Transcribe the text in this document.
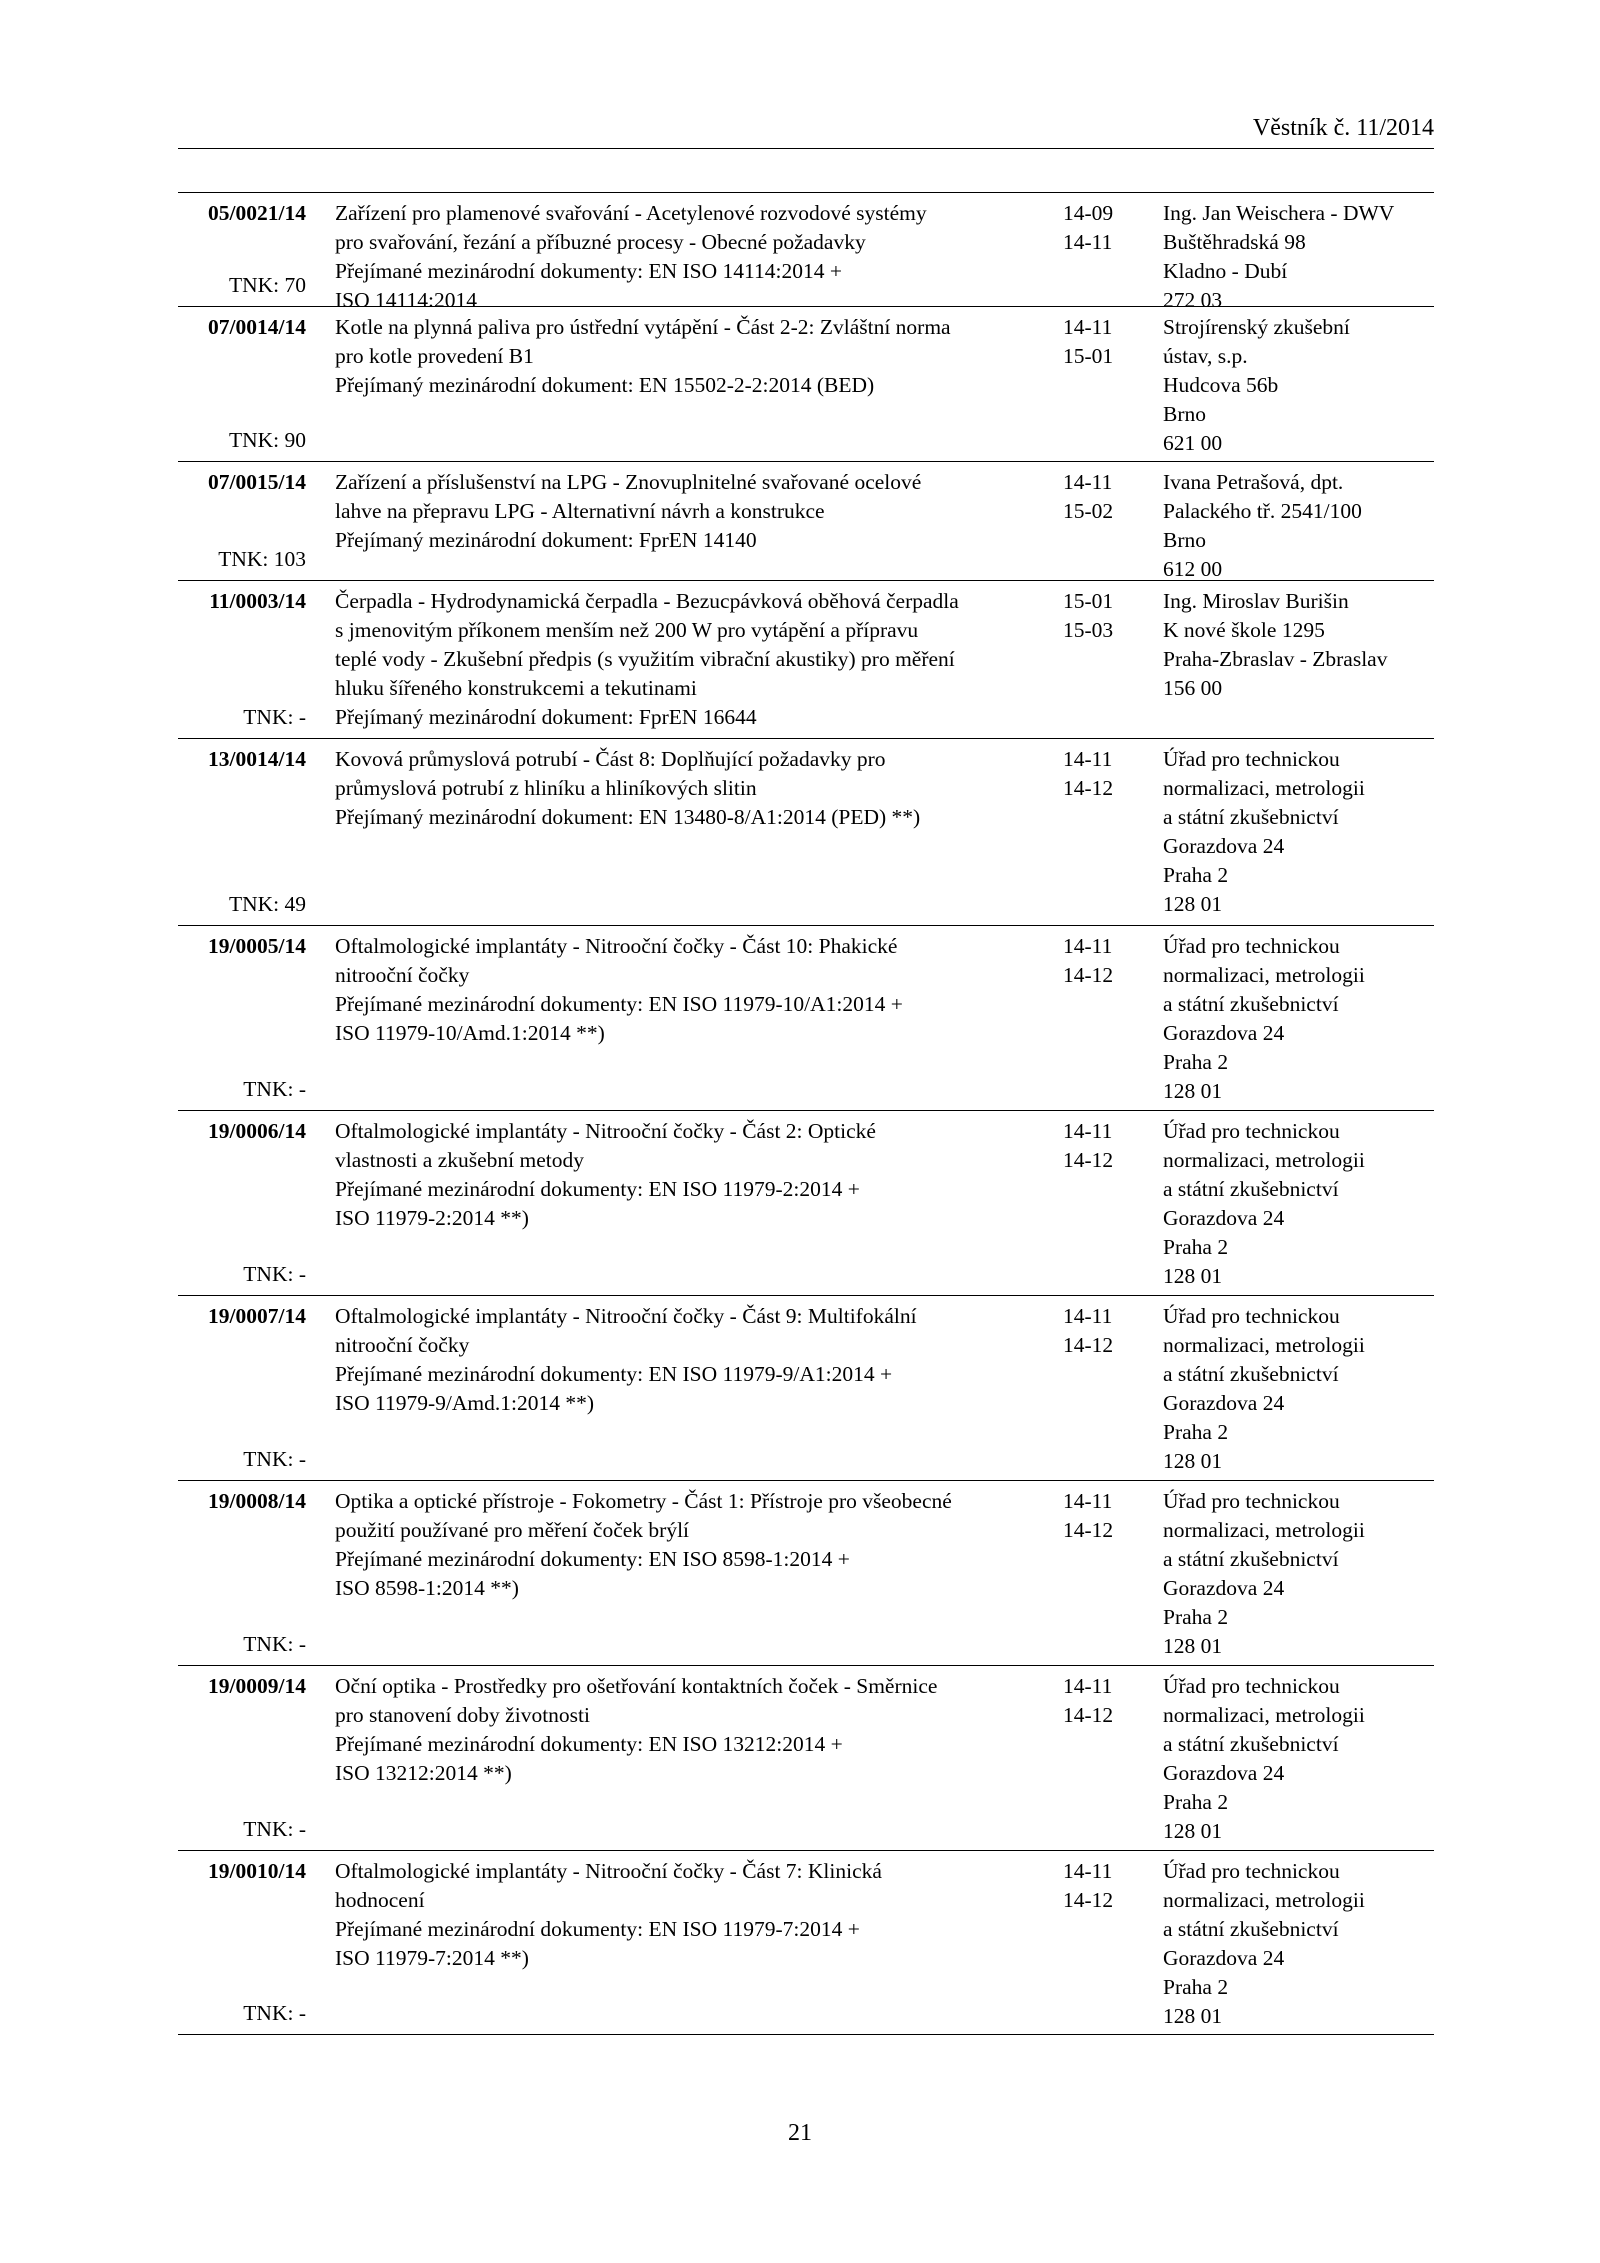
Věstník č. 11/2014
05/0021/14
TNK: 70
Zařízení pro plamenové svařování - Acetylenové rozvodové systémy
pro svařování, řezání a příbuzné procesy - Obecné požadavky
Přejímané mezinárodní dokumenty: EN ISO 14114:2014 +
ISO 14114:2014
14-09
14-11
Ing. Jan Weischera - DWV
Buštěhradská 98
Kladno - Dubí
272 03
07/0014/14
TNK: 90
Kotle na plynná paliva pro ústřední vytápění - Část 2-2: Zvláštní norma
pro kotle provedení B1
Přejímaný mezinárodní dokument: EN 15502-2-2:2014 (BED)
14-11
15-01
Strojírenský zkušební
ústav, s.p.
Hudcova 56b
Brno
621 00
07/0015/14
TNK: 103
Zařízení a příslušenství na LPG - Znovuplnitelné svařované ocelové
lahve na přepravu LPG - Alternativní návrh a konstrukce
Přejímaný mezinárodní dokument: FprEN 14140
14-11
15-02
Ivana Petrašová, dpt.
Palackého tř. 2541/100
Brno
612 00
11/0003/14
TNK: -
Čerpadla - Hydrodynamická čerpadla - Bezucpávková oběhová čerpadla
s jmenovitým příkonem menším než 200 W pro vytápění a přípravu
teplé vody - Zkušební předpis (s využitím vibrační akustiky) pro měření
hluku šířeného konstrukcemi a tekutinami
Přejímaný mezinárodní dokument: FprEN 16644
15-01
15-03
Ing. Miroslav Burišin
K nové škole 1295
Praha-Zbraslav - Zbraslav
156 00
13/0014/14
TNK: 49
Kovová průmyslová potrubí - Část 8: Doplňující požadavky pro
průmyslová potrubí z hliníku a hliníkových slitin
Přejímaný mezinárodní dokument: EN 13480-8/A1:2014 (PED) **)
14-11
14-12
Úřad pro technickou
normalizaci, metrologii
a státní zkušebnictví
Gorazdova 24
Praha 2
128 01
19/0005/14
TNK: -
Oftalmologické implantáty - Nitrooční čočky - Část 10: Phakické
nitrooční čočky
Přejímané mezinárodní dokumenty: EN ISO 11979-10/A1:2014 +
ISO 11979-10/Amd.1:2014 **)
14-11
14-12
Úřad pro technickou
normalizaci, metrologii
a státní zkušebnictví
Gorazdova 24
Praha 2
128 01
19/0006/14
TNK: -
Oftalmologické implantáty - Nitrooční čočky - Část 2: Optické
vlastnosti a zkušební metody
Přejímané mezinárodní dokumenty: EN ISO 11979-2:2014 +
ISO 11979-2:2014 **)
14-11
14-12
Úřad pro technickou
normalizaci, metrologii
a státní zkušebnictví
Gorazdova 24
Praha 2
128 01
19/0007/14
TNK: -
Oftalmologické implantáty - Nitrooční čočky - Část 9: Multifokální
nitrooční čočky
Přejímané mezinárodní dokumenty: EN ISO 11979-9/A1:2014 +
ISO 11979-9/Amd.1:2014 **)
14-11
14-12
Úřad pro technickou
normalizaci, metrologii
a státní zkušebnictví
Gorazdova 24
Praha 2
128 01
19/0008/14
TNK: -
Optika a optické přístroje - Fokometry - Část 1: Přístroje pro všeobecné
použití používané pro měření čoček brýlí
Přejímané mezinárodní dokumenty: EN ISO 8598-1:2014 +
ISO 8598-1:2014 **)
14-11
14-12
Úřad pro technickou
normalizaci, metrologii
a státní zkušebnictví
Gorazdova 24
Praha 2
128 01
19/0009/14
TNK: -
Oční optika - Prostředky pro ošetřování kontaktních čoček - Směrnice
pro stanovení doby životnosti
Přejímané mezinárodní dokumenty: EN ISO 13212:2014 +
ISO 13212:2014 **)
14-11
14-12
Úřad pro technickou
normalizaci, metrologii
a státní zkušebnictví
Gorazdova 24
Praha 2
128 01
19/0010/14
TNK: -
Oftalmologické implantáty - Nitrooční čočky - Část 7: Klinická
hodnocení
Přejímané mezinárodní dokumenty: EN ISO 11979-7:2014 +
ISO 11979-7:2014 **)
14-11
14-12
Úřad pro technickou
normalizaci, metrologii
a státní zkušebnictví
Gorazdova 24
Praha 2
128 01
21
